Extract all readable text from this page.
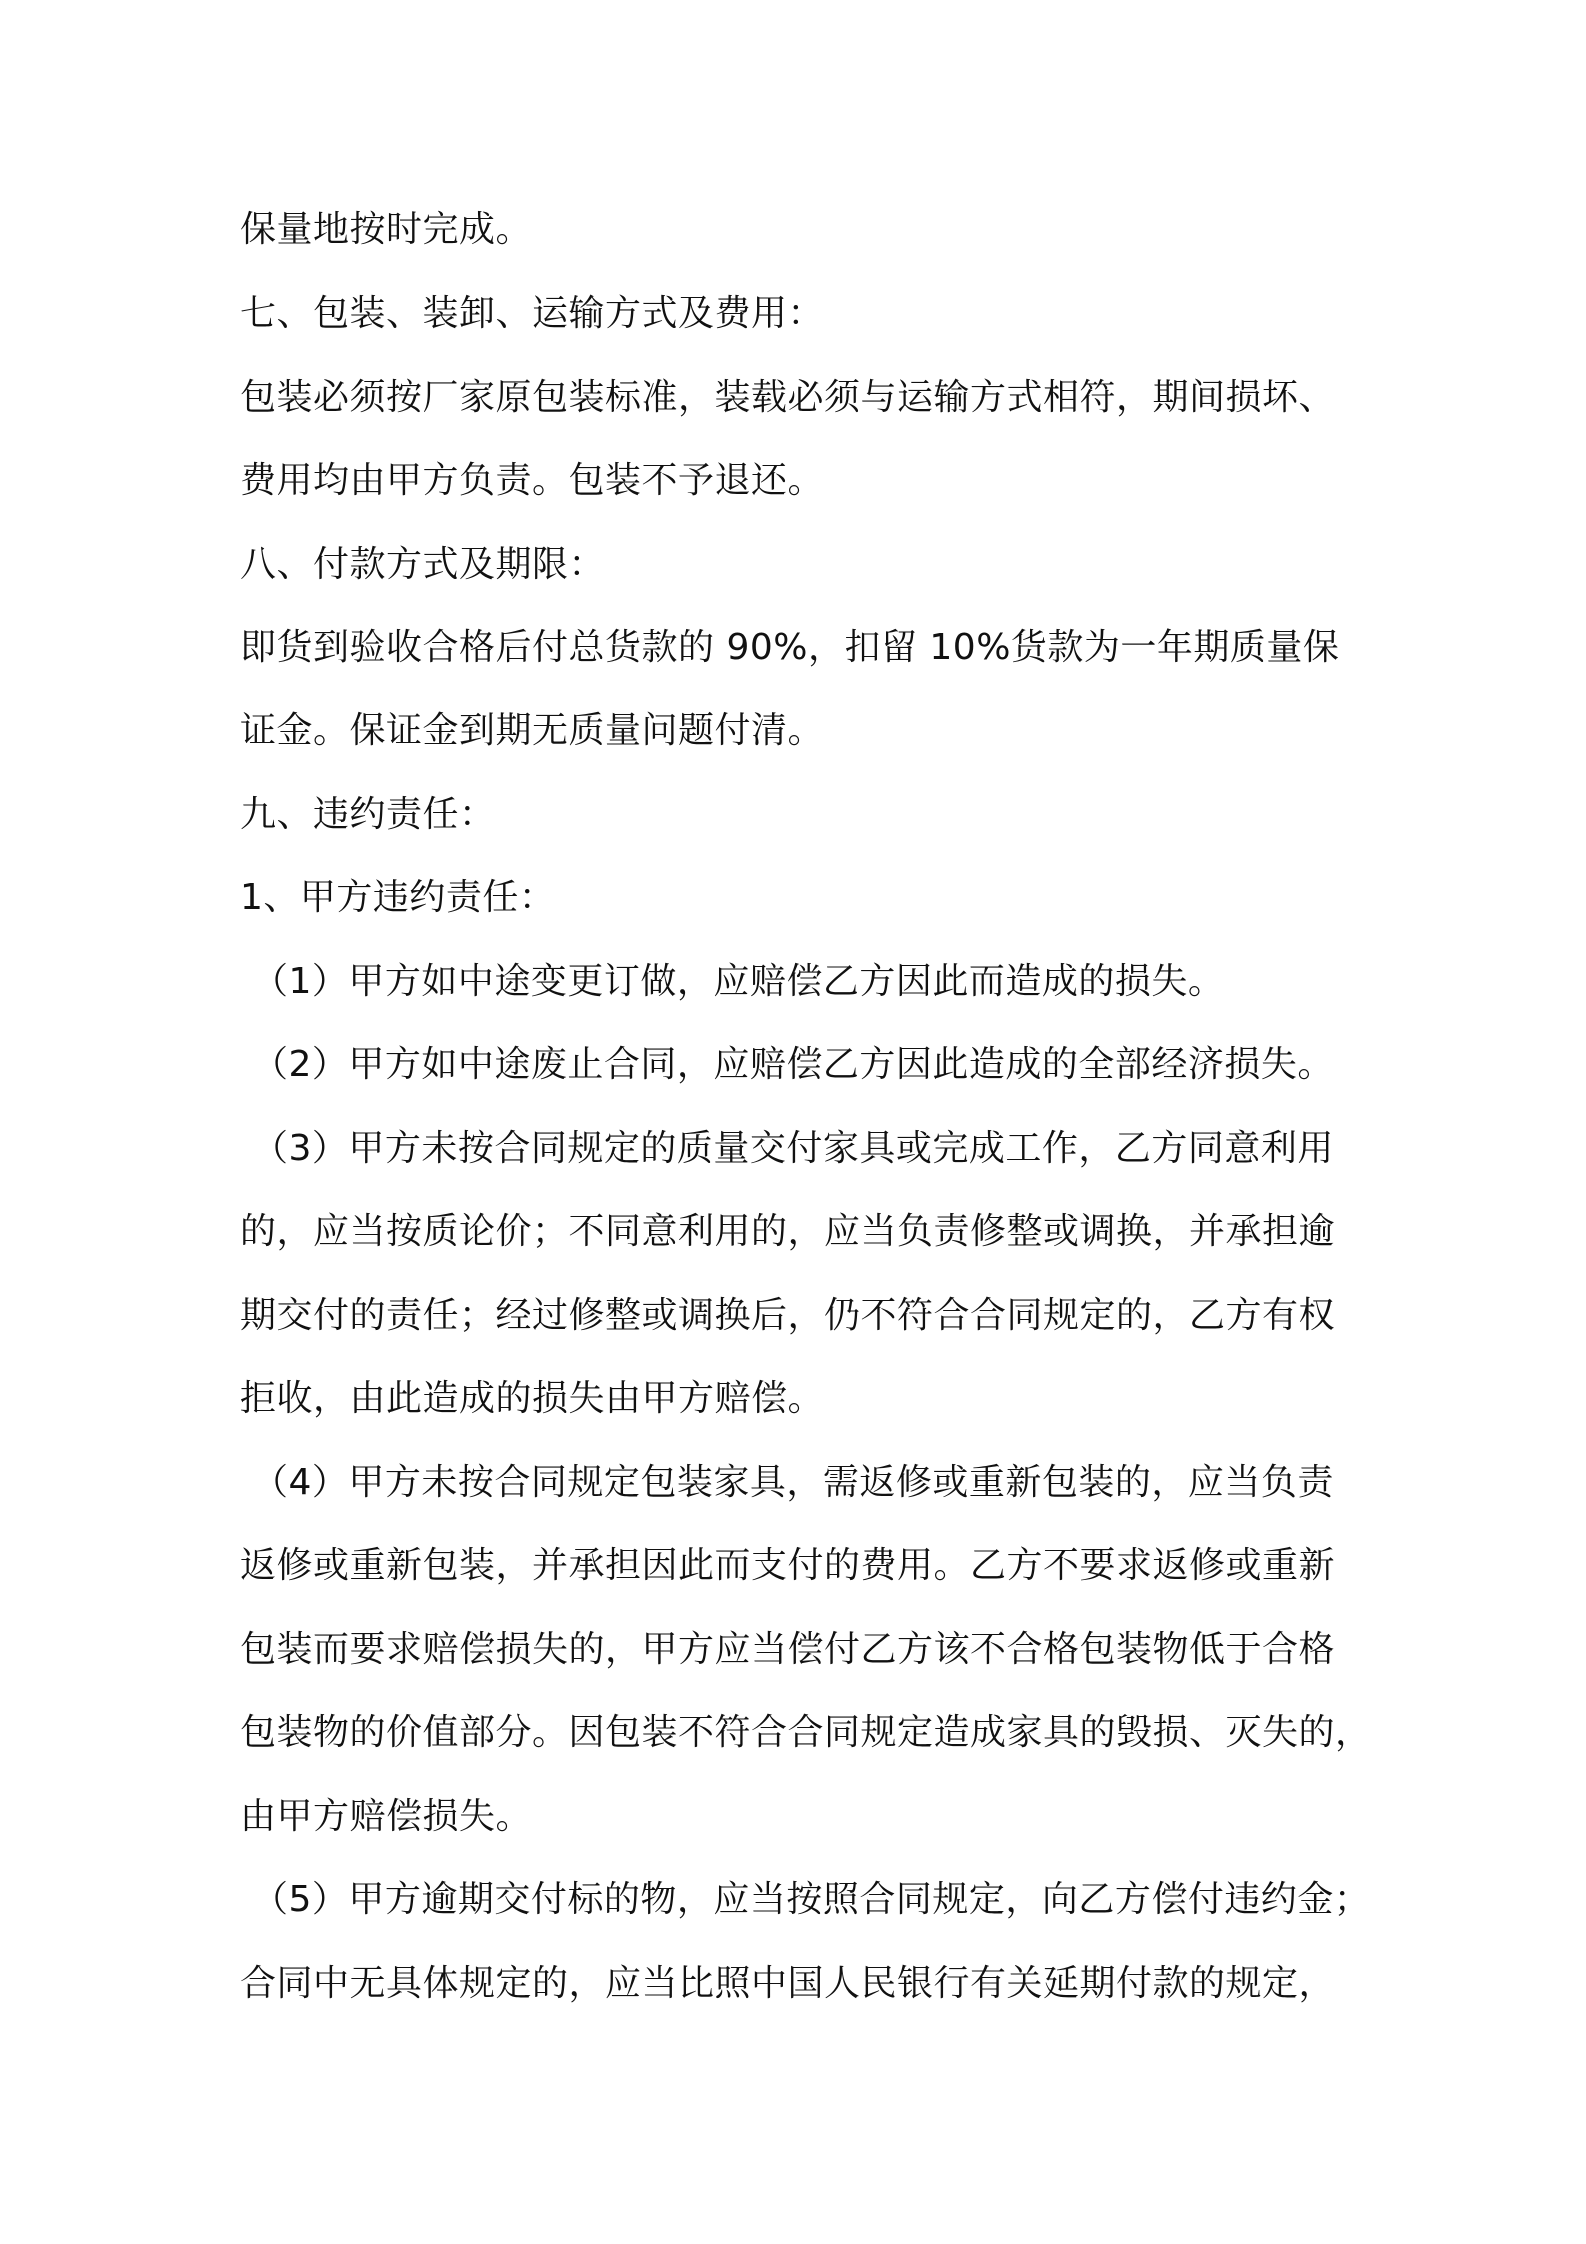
保量地按时完成。
七、包装、装卸、运输方式及费用：
包装必须按厂家原包装标准，装载必须与运输方式相符，期间损坏、
费用均由甲方负责。包装不予退还。
八、付款方式及期限：
即货到验收合格后付总货款的 90%，扣留 10%货款为一年期质量保
证金。保证金到期无质量问题付清。
九、违约责任：
1、甲方违约责任：
（1）甲方如中途变更订做，应赔偿乙方因此而造成的损失。
（2）甲方如中途废止合同，应赔偿乙方因此造成的全部经济损失。
（3）甲方未按合同规定的质量交付家具或完成工作，乙方同意利用
的，应当按质论价；不同意利用的，应当负责修整或调换，并承担逾
期交付的责任；经过修整或调换后，仍不符合合同规定的，乙方有权
拒收，由此造成的损失由甲方赔偿。
（4）甲方未按合同规定包装家具，需返修或重新包装的，应当负责
返修或重新包装，并承担因此而支付的费用。乙方不要求返修或重新
包装而要求赔偿损失的，甲方应当偿付乙方该不合格包装物低于合格
包装物的价值部分。因包装不符合合同规定造成家具的毁损、灭失的，
由甲方赔偿损失。
（5）甲方逾期交付标的物，应当按照合同规定，向乙方偿付违约金；
合同中无具体规定的，应当比照中国人民银行有关延期付款的规定，
